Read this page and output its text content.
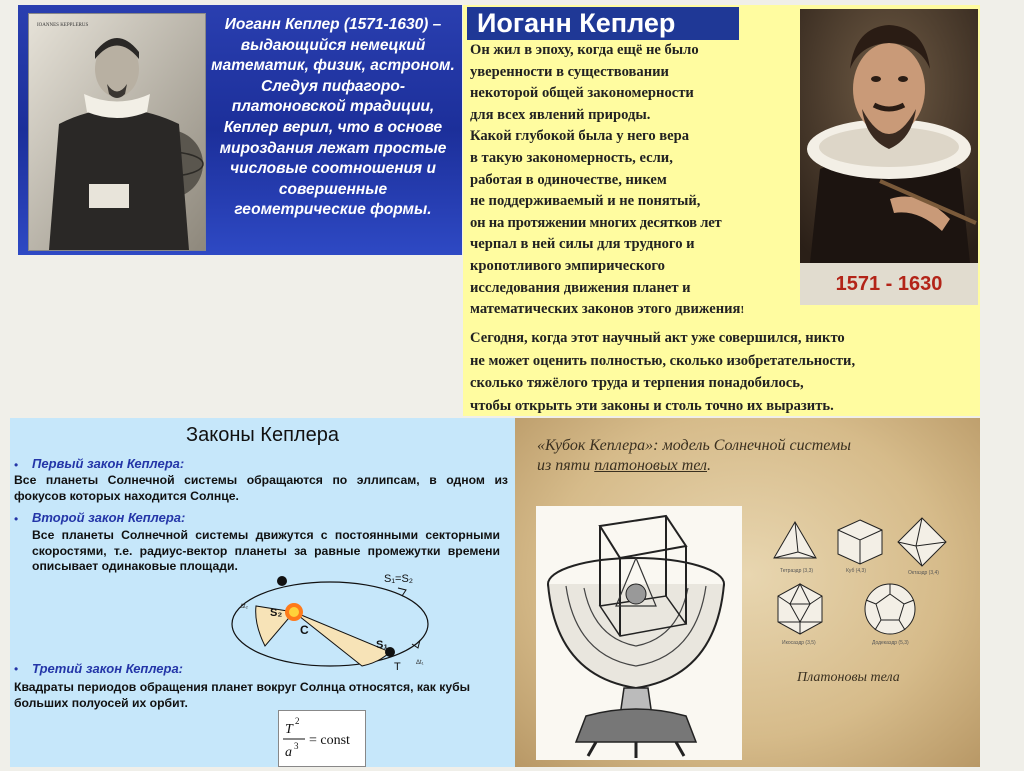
IOANNES KEPPLERUS	Иоганн Кеплер (1571-1630) –
выдающийся немецкий
математик, физик, астроном.
Следуя пифагоро-
платоновской традиции,
Кеплер верил, что в основе
мироздания лежат простые
числовые соотношения и
совершенные
геометрические формы.
Иоганн Кеплер
Он жил в эпоху, когда ещё не было
уверенности в существовании
некоторой общей закономерности
для всех явлений природы.
Какой глубокой была у него вера
в такую закономерность, если,
работая в одиночестве, никем
не поддерживаемый и не понятый,
он на протяжении многих десятков лет
черпал в ней силы для трудного и
кропотливого эмпирического
исследования движения планет и
математических законов этого движения!
1571 - 1630
Сегодня, когда этот научный акт уже совершился, никто
не может оценить полностью, сколько изобретательности,
сколько тяжёлого труда и терпения понадобилось,
чтобы открыть эти законы и столь точно их выразить.
Законы Кеплера
• Первый закон Кеплера:
Все планеты Солнечной системы обращаются по эллипсам, в одном из фокусов которых находится Солнце.
• Второй закон Кеплера:
Все планеты Солнечной системы движутся с постоянными секторными скоростями, т.е. радиус-вектор планеты за равные промежутки времени описывает одинаковые площади.
S₁=S₂
S₂
S₁
C
T
Δt₂
Δt₁
• Третий закон Кеплера:
Квадраты периодов обращения планет вокруг Солнца относятся, как кубы больших полуосей их орбит.
T
2
a 3 = const
«Кубок Кеплера»: модель Солнечной системы
из пяти платоновых тел.
Тетраэдр (3,3)	Куб (4,3)	Октаэдр (3,4)
Икосаэдр (3,5)	Додекаэдр (5,3)
Платоновы тела
